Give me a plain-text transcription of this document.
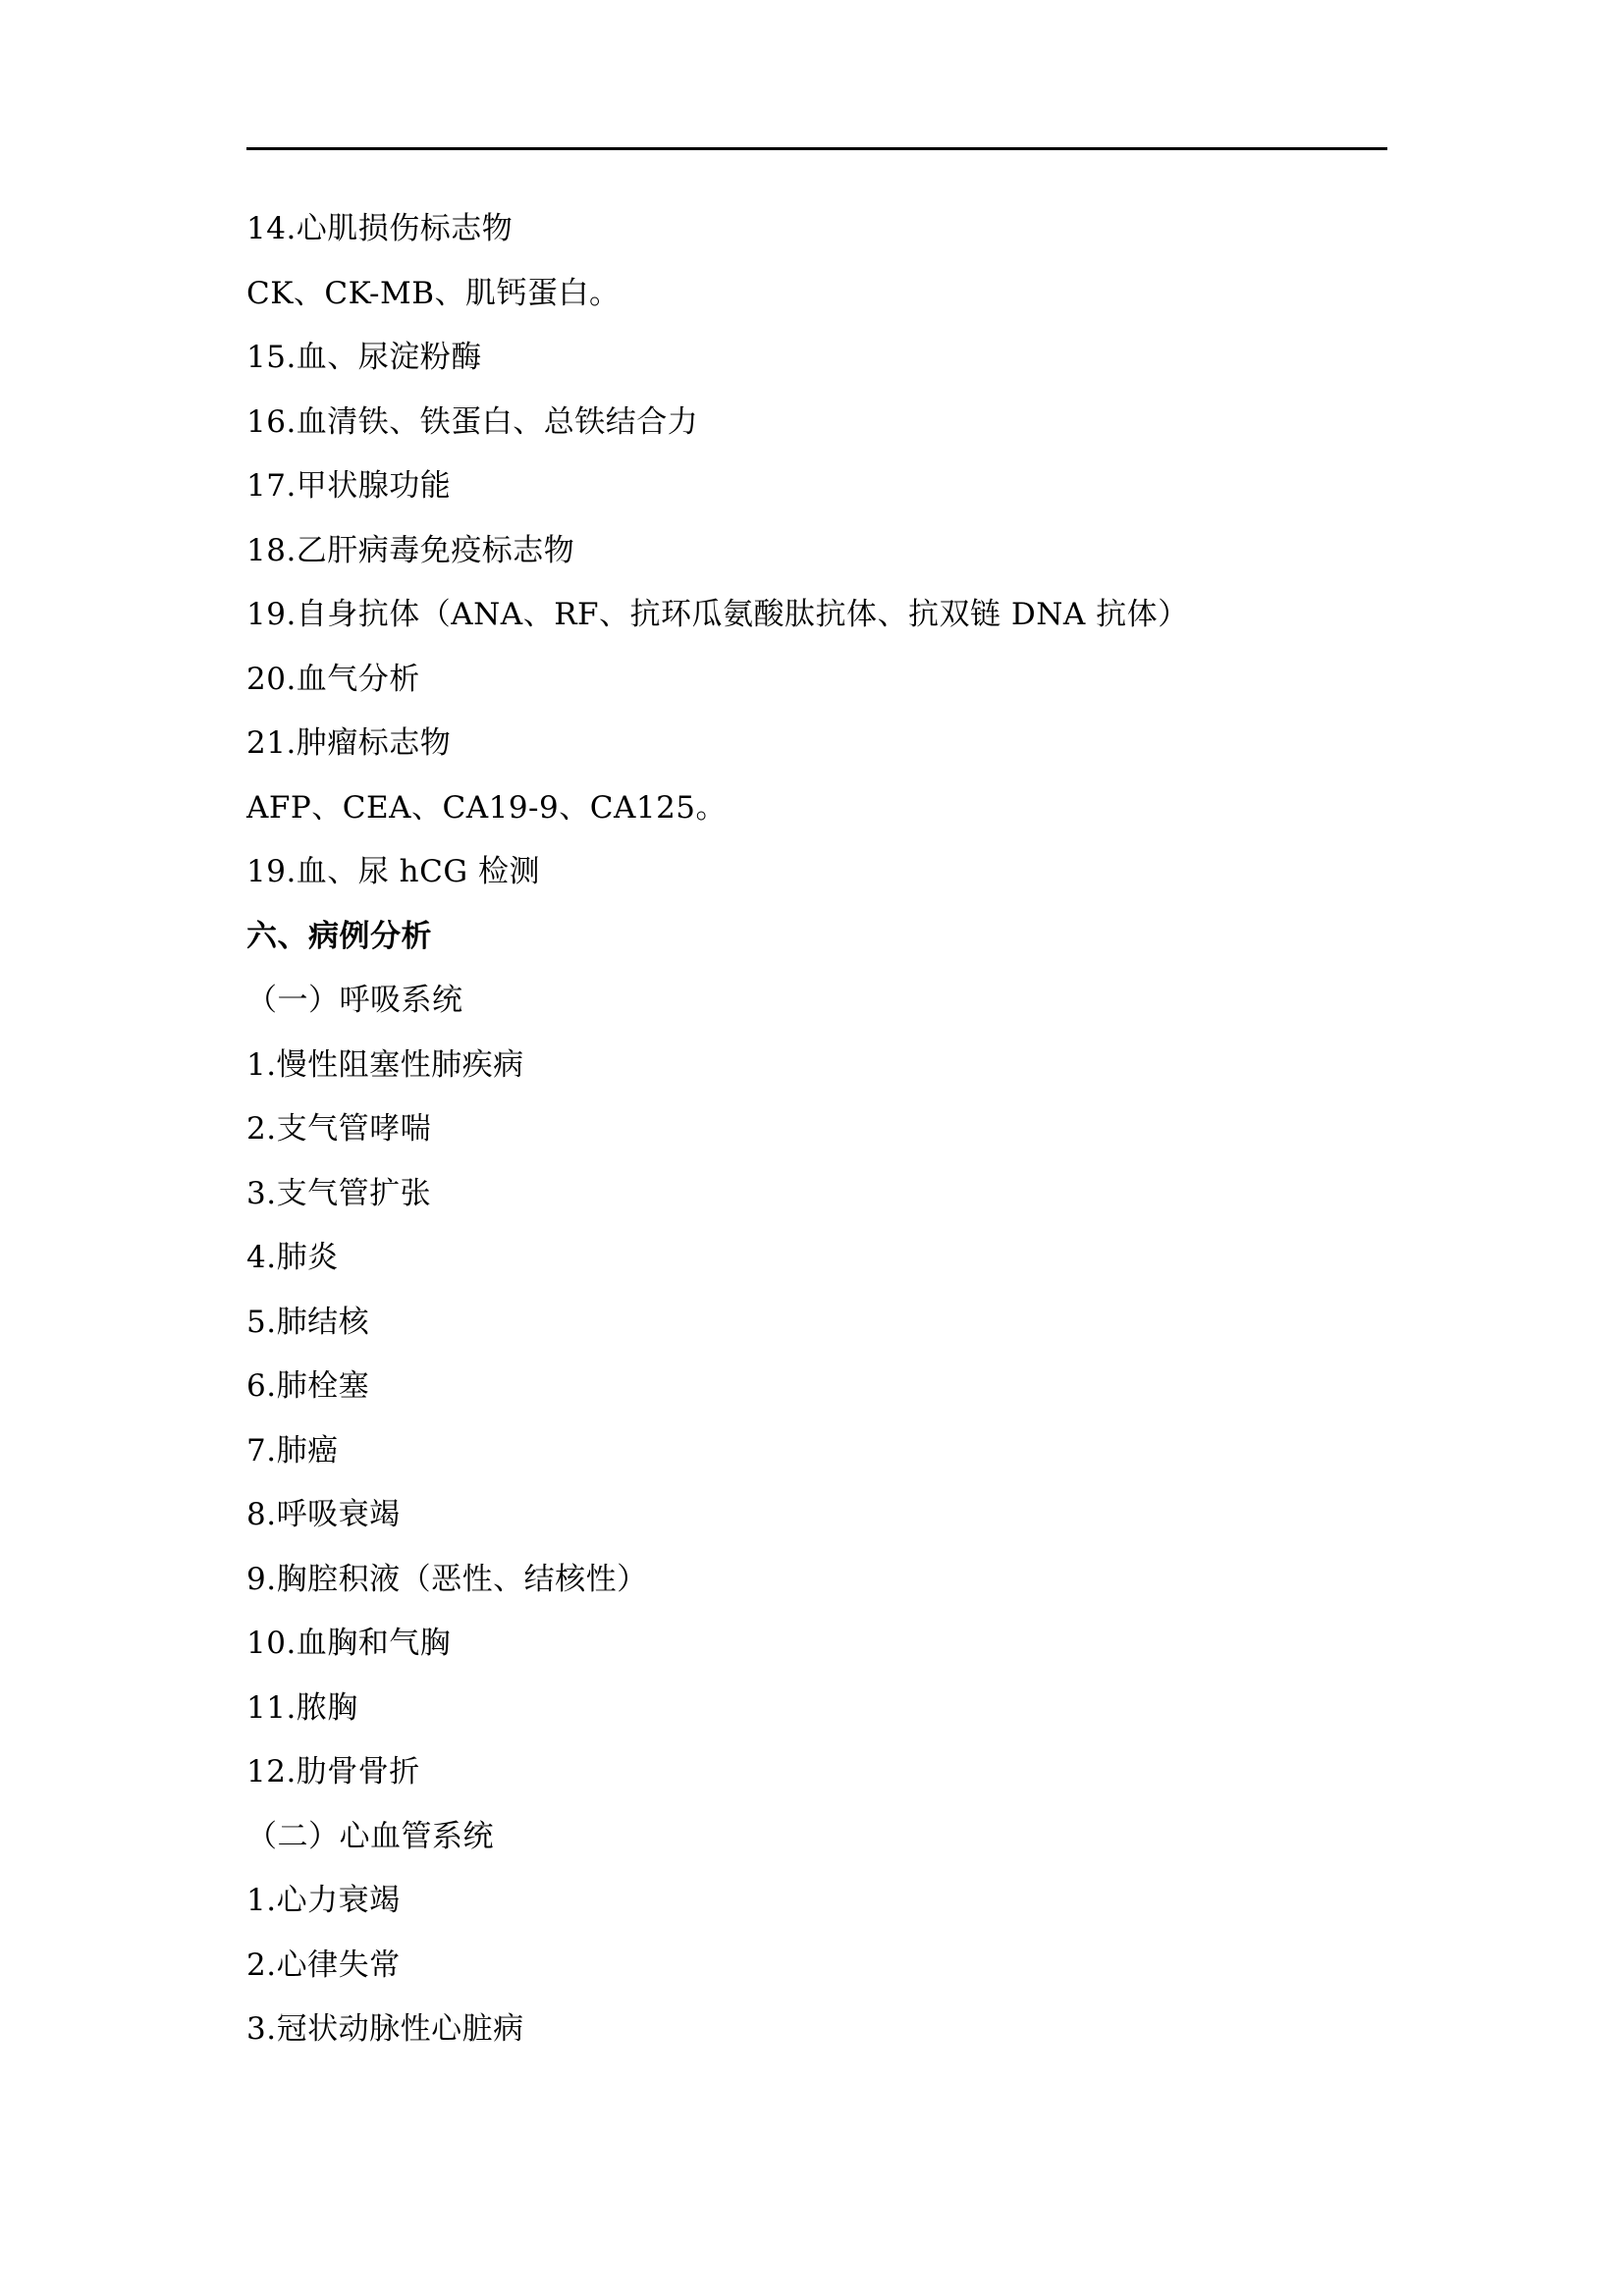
14.心肌损伤标志物
CK、CK-MB、肌钙蛋白。
15.血、尿淀粉酶
16.血清铁、铁蛋白、总铁结合力
17.甲状腺功能
18.乙肝病毒免疫标志物
19.自身抗体（ANA、RF、抗环瓜氨酸肽抗体、抗双链 DNA 抗体）
20.血气分析
21.肿瘤标志物
AFP、CEA、CA19-9、CA125。
19.血、尿 hCG 检测
六、病例分析
（一）呼吸系统
1.慢性阻塞性肺疾病
2.支气管哮喘
3.支气管扩张
4.肺炎
5.肺结核
6.肺栓塞
7.肺癌
8.呼吸衰竭
9.胸腔积液（恶性、结核性）
10.血胸和气胸
11.脓胸
12.肋骨骨折
（二）心血管系统
1.心力衰竭
2.心律失常
3.冠状动脉性心脏病
